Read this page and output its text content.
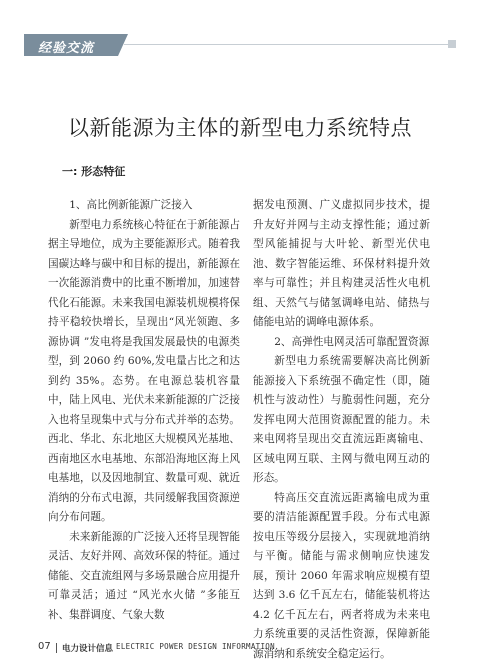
经验交流
以新能源为主体的新型电力系统特点
一: 形态特征

1、高比例新能源广泛接入

新型电力系统核心特征在于新能源占据主导地位，成为主要能源形式。随着我国碳达峰与碳中和目标的提出，新能源在一次能源消费中的比重不断增加，加速替代化石能源。未来我国电源装机规模将保持平稳较快增长，呈现出“风光领跑、多源协调 ”发电将是我国发展最快的电源类型，到 2060 约 60%,发电量占比之和达到约 35%。态势。在电源总装机容量中，陆上风电、光伏未来新能源的广泛接入也将呈现集中式与分布式并举的态势。西北、华北、东北地区大规模风光基地、西南地区水电基地、东部沿海地区海上风电基地，以及因地制宜、数量可观、就近消纳的分布式电源，共同缓解我国资源逆向分布问题。

未来新能源的广泛接入还将呈现智能灵活、友好并网、高效环保的特征。通过储能、交直流组网与多场景融合应用提升可靠灵活；通过 “风光水火储 ”多能互补、集群调度、气象大数

据发电预测、广义虚拟同步技术，提升友好并网与主动支撑性能；通过新型风能捕捉与大叶轮、新型光伏电池、数字智能运维、环保材料提升效率与可靠性；并且构建灵活性火电机组、天然气与储氢调峰电站、储热与储能电站的调峰电源体系。

2、高弹性电网灵活可靠配置资源

新型电力系统需要解决高比例新能源接入下系统强不确定性（即，随机性与波动性）与脆弱性问题，充分发挥电网大范围资源配置的能力。未来电网将呈现出交直流远距离输电、区域电网互联、主网与微电网互动的形态。

特高压交直流远距离输电成为重要的清洁能源配置手段。分布式电源按电压等级分层接入，实现就地消纳与平衡。储能与需求侧响应快速发展，预计 2060 年需求响应规模有望达到 3.6 亿千瓦左右，储能装机将达 4.2 亿千瓦左右，两者将成为未来电力系统重要的灵活性资源，保障新能源消纳和系统安全稳定运行。

07 电力设计信息 ELECTRIC POWER DESIGN INFORMATION
